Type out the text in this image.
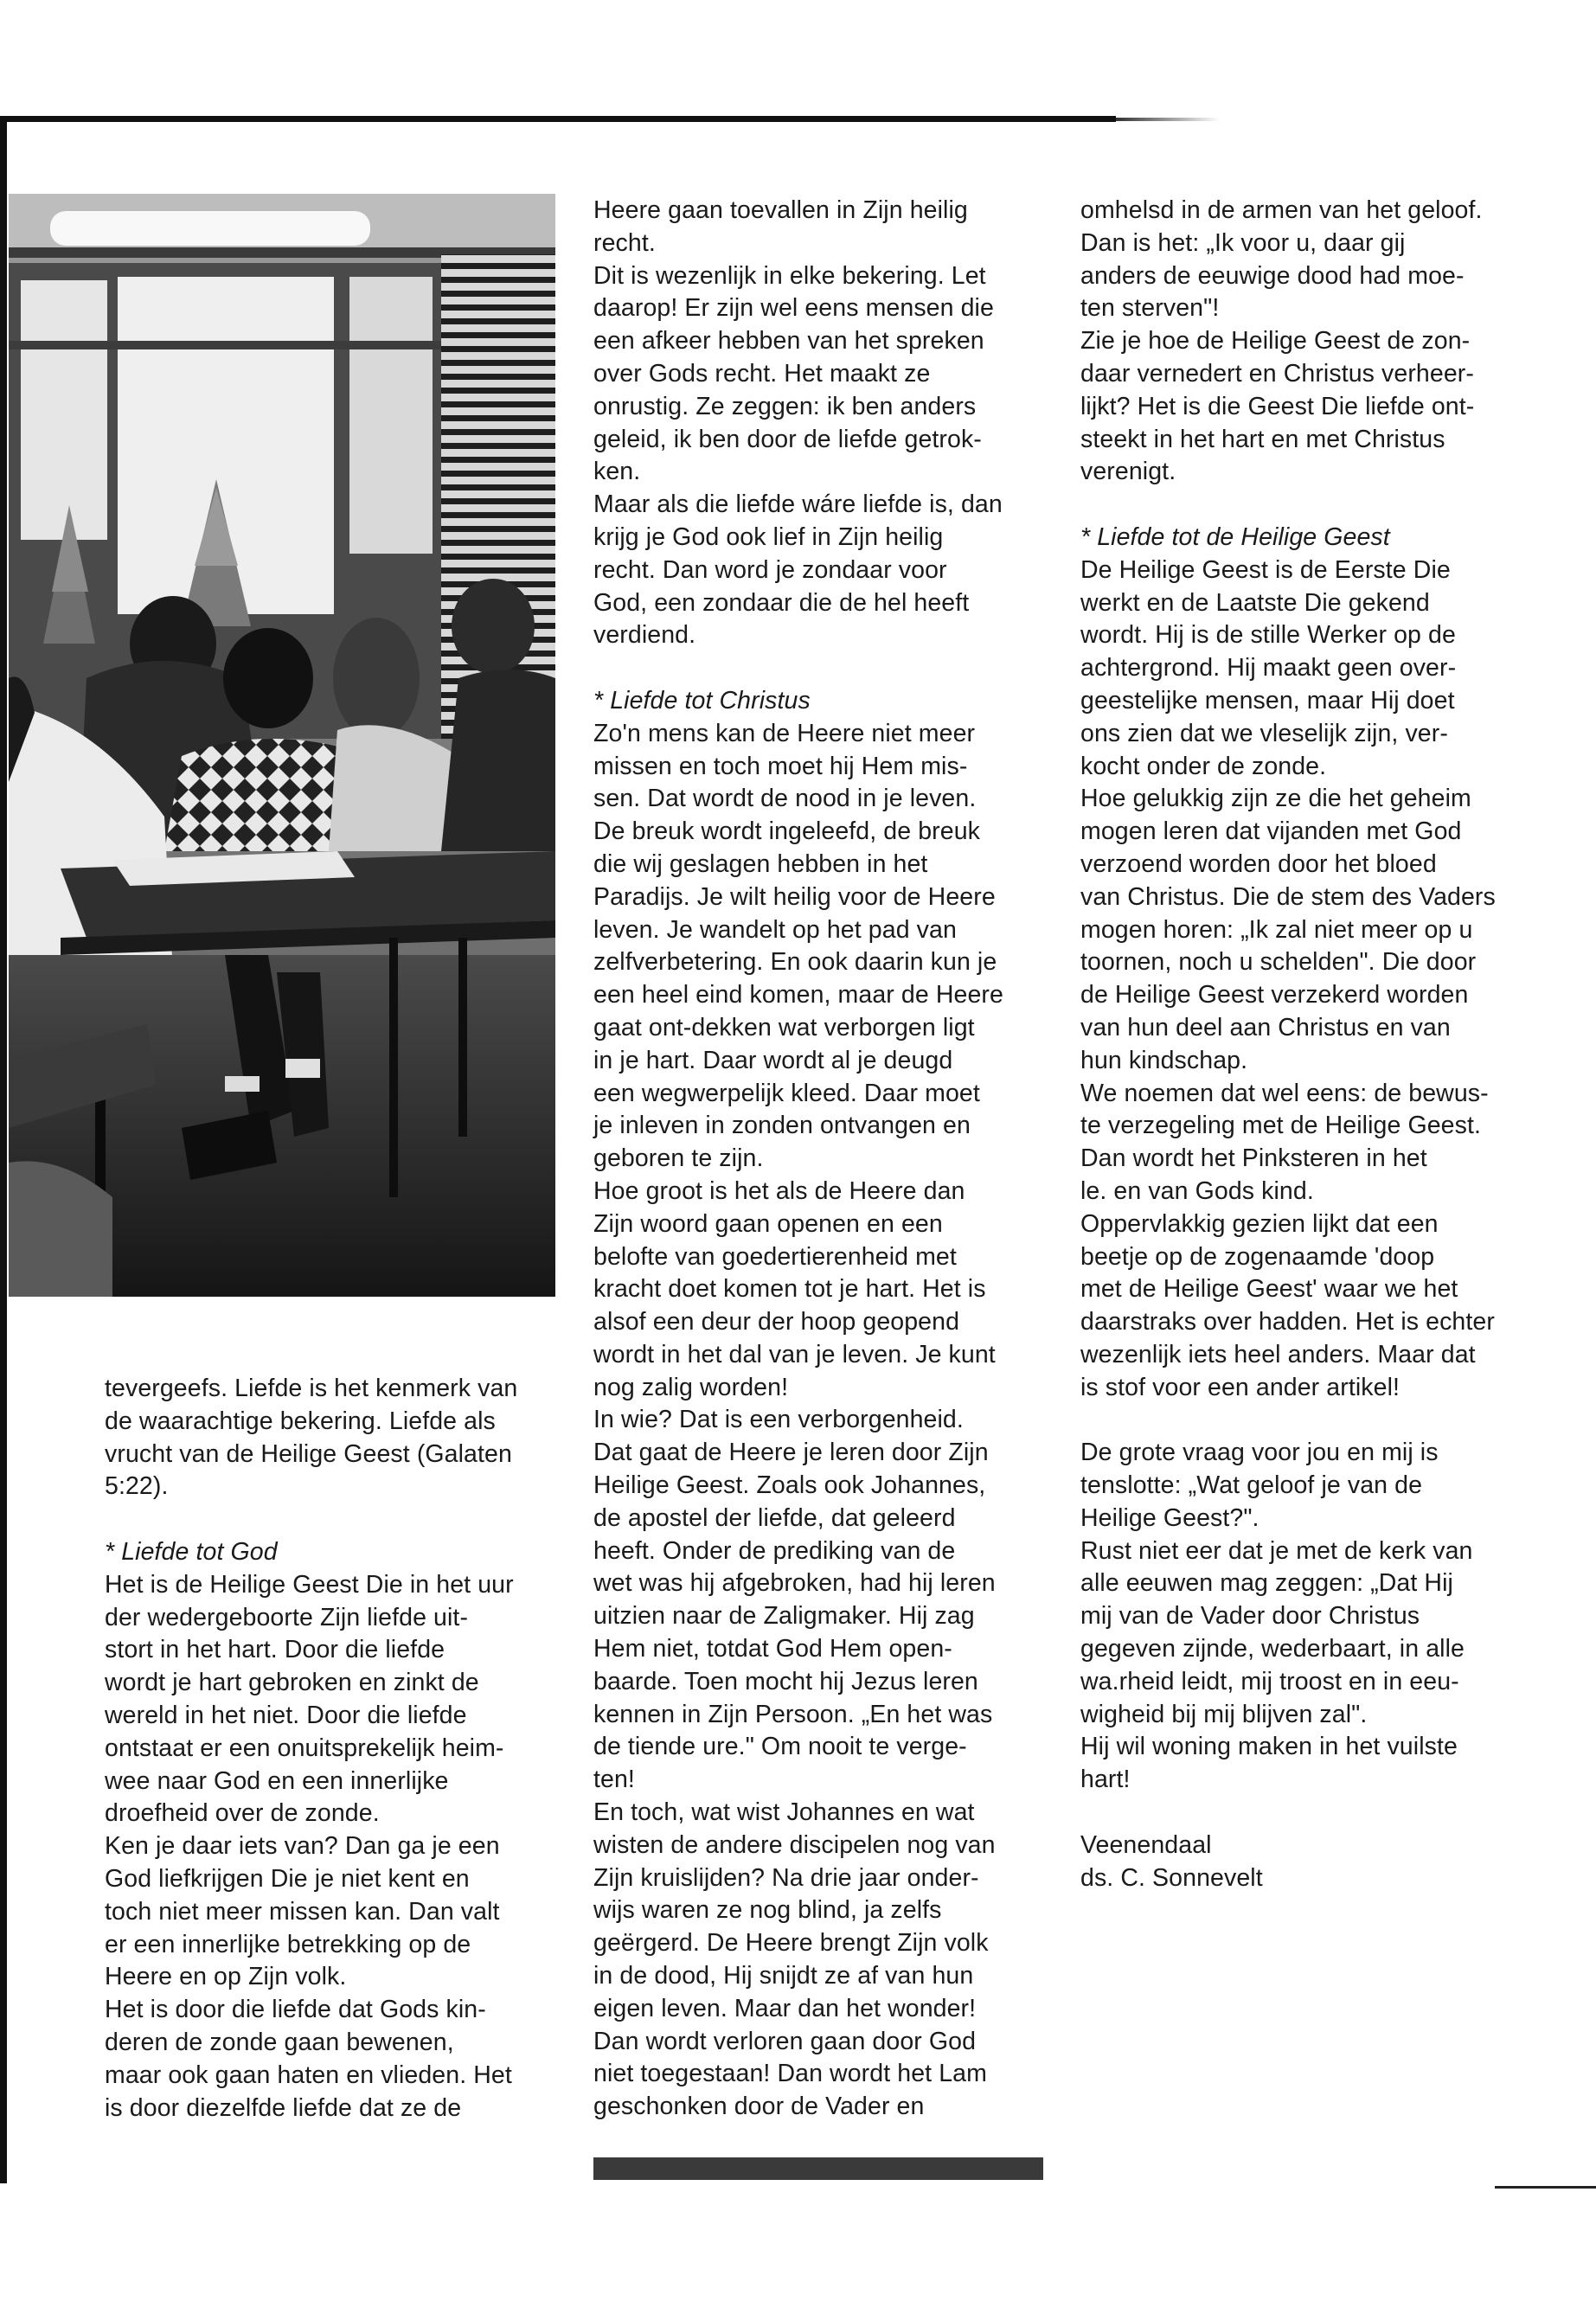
tevergeefs. Liefde is het kenmerk van
de waarachtige bekering. Liefde als
vrucht van de Heilige Geest (Galaten
5:22).

* Liefde tot God

Het is de Heilige Geest Die in het uur
der wedergeboorte Zijn liefde uit-
stort in het hart. Door die liefde
wordt je hart gebroken en zinkt de
wereld in het niet. Door die liefde
ontstaat er een onuitsprekelijk heim-
wee naar God en een innerlijke
droefheid over de zonde.

Ken je daar iets van? Dan ga je een
God liefkrijgen Die je niet kent en
toch niet meer missen kan. Dan valt
er een innerlijke betrekking op de
Heere en op Zijn volk.

Het is door die liefde dat Gods kin-
deren de zonde gaan bewenen,
maar ook gaan haten en vlieden. Het
is door diezelfde liefde dat ze de

Heere gaan toevallen in Zijn heilig
recht.

Dit is wezenlijk in elke bekering. Let
daarop! Er zijn wel eens mensen die
een afkeer hebben van het spreken
over Gods recht. Het maakt ze
onrustig. Ze zeggen: ik ben anders
geleid, ik ben door de liefde getrok-
ken.

Maar als die liefde wáre liefde is, dan
krijg je God ook lief in Zijn heilig
recht. Dan word je zondaar voor
God, een zondaar die de hel heeft
verdiend.

* Liefde tot Christus

Zo'n mens kan de Heere niet meer
missen en toch moet hij Hem mis-
sen. Dat wordt de nood in je leven.
De breuk wordt ingeleefd, de breuk
die wij geslagen hebben in het
Paradijs. Je wilt heilig voor de Heere
leven. Je wandelt op het pad van
zelfverbetering. En ook daarin kun je
een heel eind komen, maar de Heere
gaat ont-dekken wat verborgen ligt
in je hart. Daar wordt al je deugd
een wegwerpelijk kleed. Daar moet
je inleven in zonden ontvangen en
geboren te zijn.

Hoe groot is het als de Heere dan
Zijn woord gaan openen en een
belofte van goedertierenheid met
kracht doet komen tot je hart. Het is
alsof een deur der hoop geopend
wordt in het dal van je leven. Je kunt
nog zalig worden!

In wie? Dat is een verborgenheid.
Dat gaat de Heere je leren door Zijn
Heilige Geest. Zoals ook Johannes,
de apostel der liefde, dat geleerd
heeft. Onder de prediking van de
wet was hij afgebroken, had hij leren
uitzien naar de Zaligmaker. Hij zag
Hem niet, totdat God Hem open-
baarde. Toen mocht hij Jezus leren
kennen in Zijn Persoon. „En het was
de tiende ure." Om nooit te verge-
ten!

En toch, wat wist Johannes en wat
wisten de andere discipelen nog van
Zijn kruislijden? Na drie jaar onder-
wijs waren ze nog blind, ja zelfs
geërgerd. De Heere brengt Zijn volk
in de dood, Hij snijdt ze af van hun
eigen leven. Maar dan het wonder!
Dan wordt verloren gaan door God
niet toegestaan! Dan wordt het Lam
geschonken door de Vader en

omhelsd in de armen van het geloof.
Dan is het: „Ik voor u, daar gij
anders de eeuwige dood had moe-
ten sterven"!

Zie je hoe de Heilige Geest de zon-
daar vernedert en Christus verheer-
lijkt? Het is die Geest Die liefde ont-
steekt in het hart en met Christus
verenigt.

* Liefde tot de Heilige Geest

De Heilige Geest is de Eerste Die
werkt en de Laatste Die gekend
wordt. Hij is de stille Werker op de
achtergrond. Hij maakt geen over-
geestelijke mensen, maar Hij doet
ons zien dat we vleselijk zijn, ver-
kocht onder de zonde.

Hoe gelukkig zijn ze die het geheim
mogen leren dat vijanden met God
verzoend worden door het bloed
van Christus. Die de stem des Vaders
mogen horen: „Ik zal niet meer op u
toornen, noch u schelden". Die door
de Heilige Geest verzekerd worden
van hun deel aan Christus en van
hun kindschap.

We noemen dat wel eens: de bewus-
te verzegeling met de Heilige Geest.
Dan wordt het Pinksteren in het
le. en van Gods kind.

Oppervlakkig gezien lijkt dat een
beetje op de zogenaamde 'doop
met de Heilige Geest' waar we het
daarstraks over hadden. Het is echter
wezenlijk iets heel anders. Maar dat
is stof voor een ander artikel!

De grote vraag voor jou en mij is
tenslotte: „Wat geloof je van de
Heilige Geest?".

Rust niet eer dat je met de kerk van
alle eeuwen mag zeggen: „Dat Hij
mij van de Vader door Christus
gegeven zijnde, wederbaart, in alle
wa.rheid leidt, mij troost en in eeu-
wigheid bij mij blijven zal".

Hij wil woning maken in het vuilste
hart!

Veenendaal
ds. C. Sonnevelt
